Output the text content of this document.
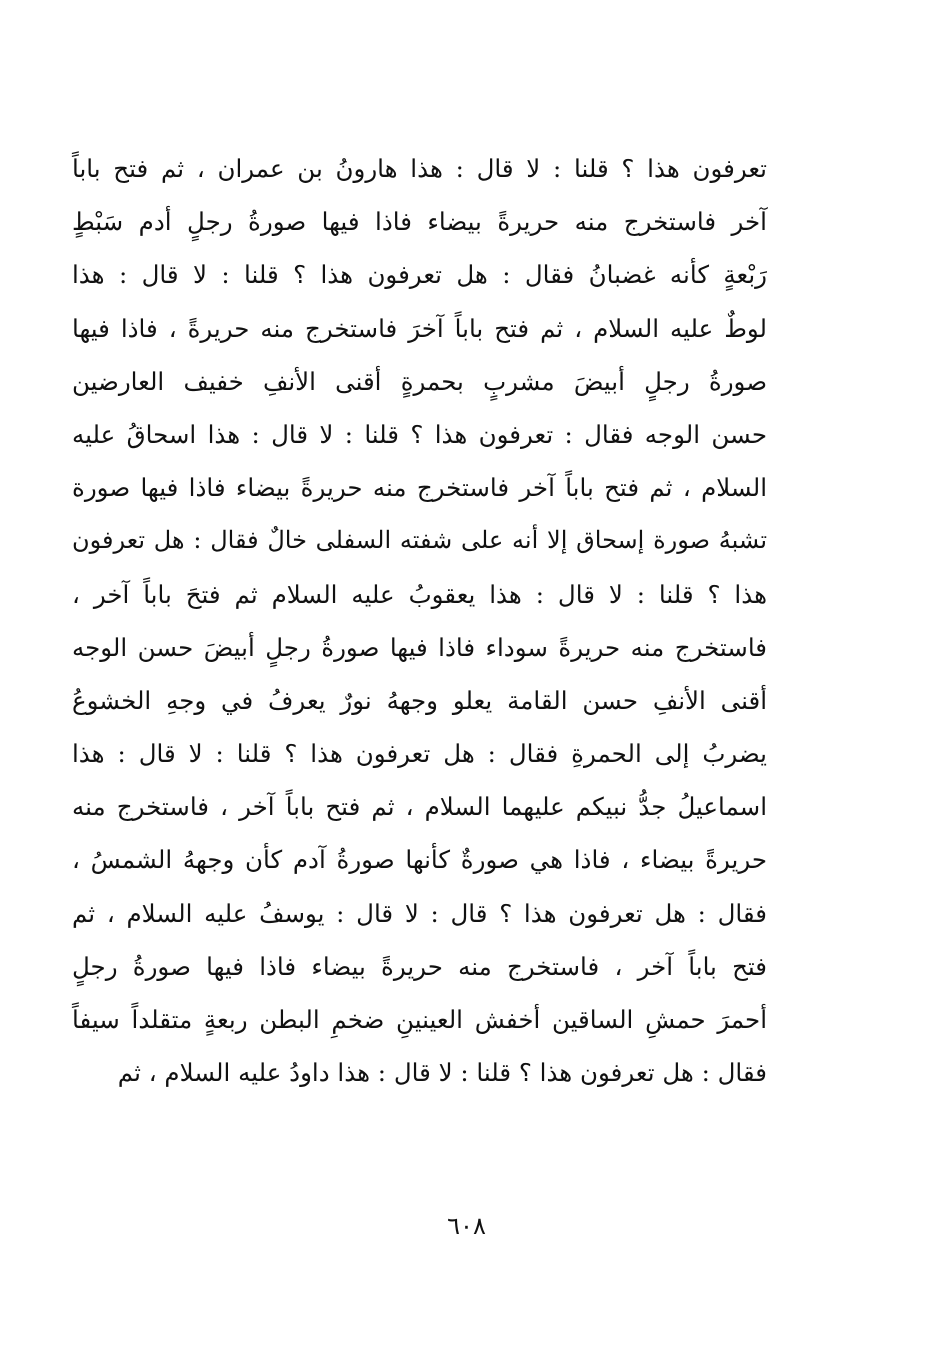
تعرفون هذا ؟ قلنا : لا قال : هذا هارونُ بن عمران ، ثم فتح باباً
آخر فاستخرج منه حريرةً بيضاء فاذا فيها صورةُ رجلٍ أدم سَبْطٍ
رَبْعةٍ كأنه غضبانُ فقال : هل تعرفون هذا ؟ قلنا : لا قال : هذا
لوطٌ عليه السلام ، ثم فتح باباً آخرَ فاستخرج منه حريرةً ، فاذا فيها
صورةُ رجلٍ أبيضَ مشربٍ بحمرةٍ أقنى الأنفِ خفيف العارضين
حسن الوجه فقال : تعرفون هذا ؟ قلنا : لا قال : هذا اسحاقُ عليه
السلام ، ثم فتح باباً آخر فاستخرج منه حريرةً بيضاء فاذا فيها صورة
تشبهُ صورة إسحاق إلا أنه على شفته السفلى خالٌ فقال : هل تعرفون
هذا ؟ قلنا : لا قال : هذا يعقوبُ عليه السلام ثم فتحَ باباً آخر ،
فاستخرج منه حريرةً سوداء فاذا فيها صورةُ رجلٍ أبيضَ حسن الوجه
أقنى الأنفِ حسن القامة يعلو وجههُ نورٌ يعرفُ في وجهِ الخشوعُ
يضربُ إلى الحمرةِ فقال : هل تعرفون هذا ؟ قلنا : لا قال : هذا
اسماعيلُ جدُّ نبيكم عليهما السلام ، ثم فتح باباً آخر ، فاستخرج منه
حريرةً بيضاء ، فاذا هي صورةٌ كأنها صورةُ آدم كأن وجههُ الشمسُ ،
فقال : هل تعرفون هذا ؟ قال : لا قال : يوسفُ عليه السلام ، ثم
فتح باباً آخر ، فاستخرج منه حريرةً بيضاء فاذا فيها صورةُ رجلٍ
أحمرَ حمشِ الساقين أخفش العينينِ ضخمِ البطن ربعةٍ متقلداً سيفاً
فقال : هل تعرفون هذا ؟ قلنا : لا قال : هذا داودُ عليه السلام ، ثم
٦٠٨
